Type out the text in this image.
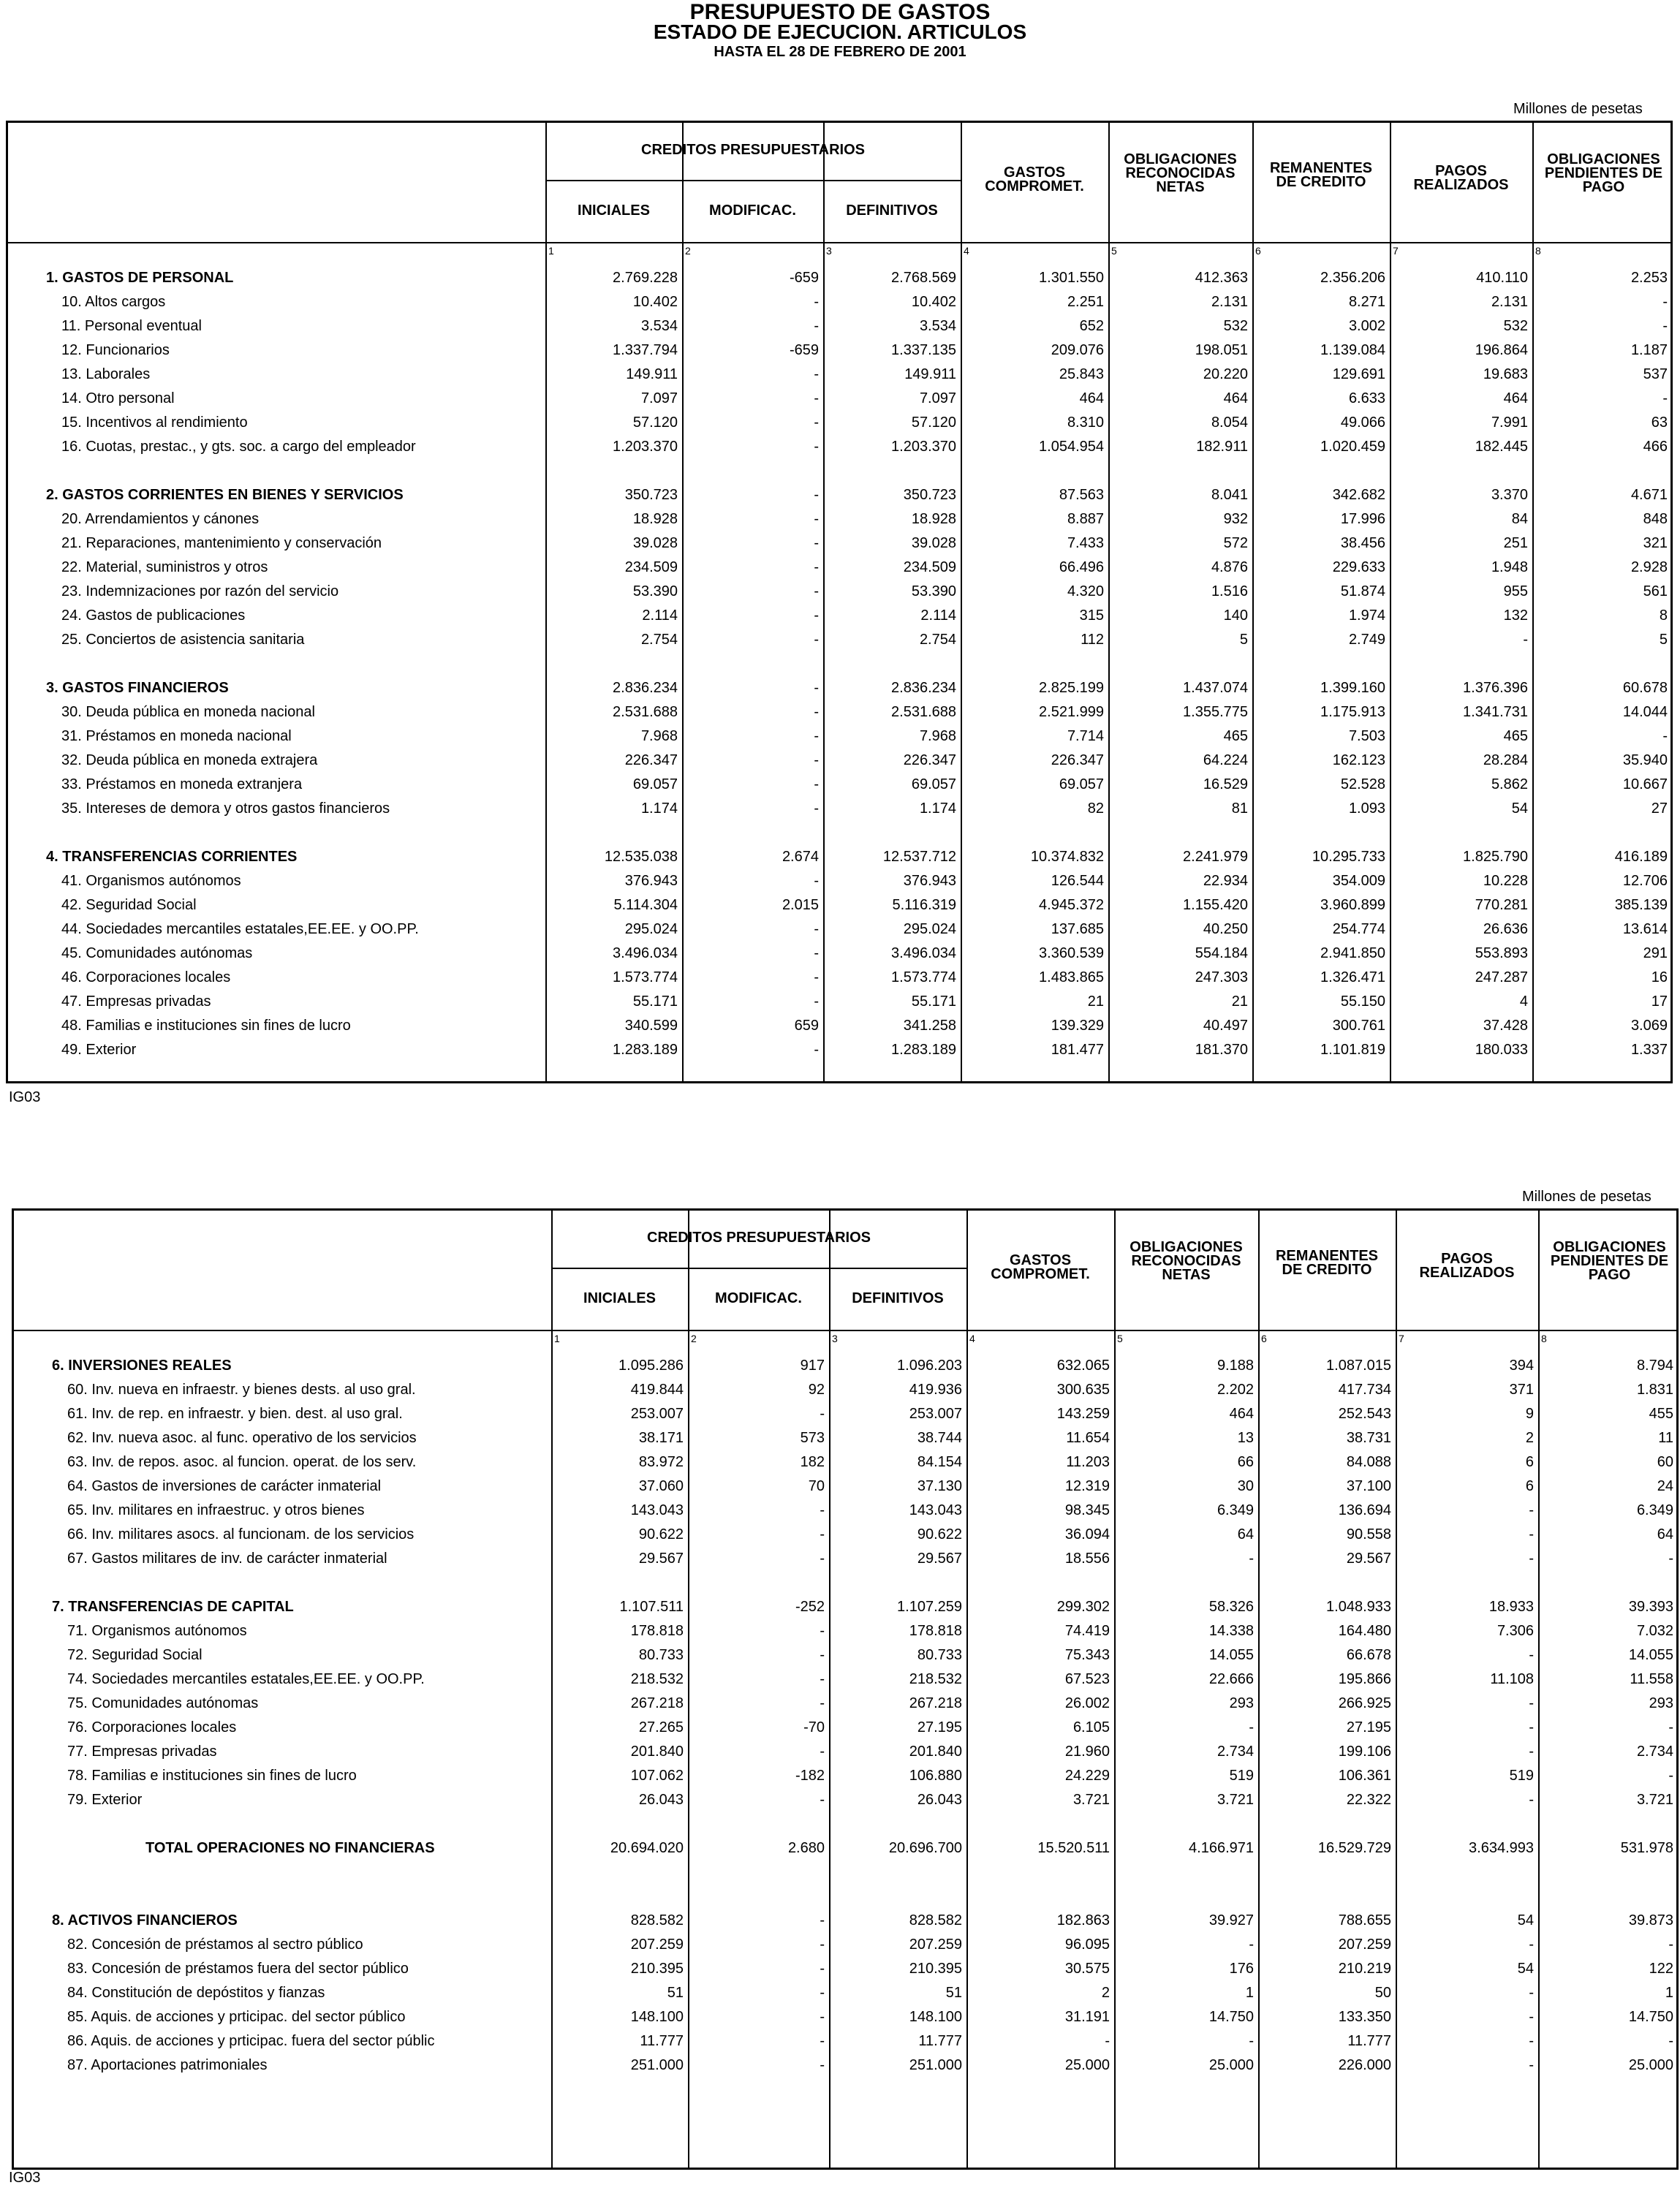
PRESUPUESTO DE GASTOS
ESTADO DE EJECUCION. ARTICULOS
HASTA EL 28 DE FEBRERO DE 2001
Millones de pesetas
CREDITOS PRESUPUESTARIOS
INICIALES	MODIFICAC.	DEFINITIVOS
GASTOS
COMPROMET.
OBLIGACIONES
RECONOCIDAS
NETAS
REMANENTES
DE CREDITO
PAGOS
REALIZADOS
OBLIGACIONES
PENDIENTES DE
PAGO
1	2	3	4	5	6	7	8
1. GASTOS DE PERSONAL	2.769.228	-659	2.768.569	1.301.550	412.363	2.356.206	410.110	2.253
10. Altos cargos	10.402	-	10.402	2.251	2.131	8.271	2.131	-
11. Personal eventual	3.534	-	3.534	652	532	3.002	532	-
12. Funcionarios	1.337.794	-659	1.337.135	209.076	198.051	1.139.084	196.864	1.187
13. Laborales	149.911	-	149.911	25.843	20.220	129.691	19.683	537
14. Otro personal	7.097	-	7.097	464	464	6.633	464	-
15. Incentivos al rendimiento	57.120	-	57.120	8.310	8.054	49.066	7.991	63
16. Cuotas, prestac., y gts. soc. a cargo del empleador	1.203.370	-	1.203.370	1.054.954	182.911	1.020.459	182.445	466
2. GASTOS CORRIENTES EN BIENES Y SERVICIOS	350.723	-	350.723	87.563	8.041	342.682	3.370	4.671
20. Arrendamientos y cánones	18.928	-	18.928	8.887	932	17.996	84	848
21. Reparaciones, mantenimiento y conservación	39.028	-	39.028	7.433	572	38.456	251	321
22. Material, suministros y otros	234.509	-	234.509	66.496	4.876	229.633	1.948	2.928
23. Indemnizaciones por razón del servicio	53.390	-	53.390	4.320	1.516	51.874	955	561
24. Gastos de publicaciones	2.114	-	2.114	315	140	1.974	132	8
25. Conciertos de asistencia sanitaria	2.754	-	2.754	112	5	2.749	-	5
3. GASTOS FINANCIEROS	2.836.234	-	2.836.234	2.825.199	1.437.074	1.399.160	1.376.396	60.678
30. Deuda pública en moneda nacional	2.531.688	-	2.531.688	2.521.999	1.355.775	1.175.913	1.341.731	14.044
31. Préstamos en moneda nacional	7.968	-	7.968	7.714	465	7.503	465	-
32. Deuda pública en moneda extrajera	226.347	-	226.347	226.347	64.224	162.123	28.284	35.940
33. Préstamos en moneda extranjera	69.057	-	69.057	69.057	16.529	52.528	5.862	10.667
35. Intereses de demora y otros gastos financieros	1.174	-	1.174	82	81	1.093	54	27
4. TRANSFERENCIAS CORRIENTES	12.535.038	2.674	12.537.712	10.374.832	2.241.979	10.295.733	1.825.790	416.189
41. Organismos autónomos	376.943	-	376.943	126.544	22.934	354.009	10.228	12.706
42. Seguridad Social	5.114.304	2.015	5.116.319	4.945.372	1.155.420	3.960.899	770.281	385.139
44. Sociedades mercantiles estatales,EE.EE. y OO.PP.	295.024	-	295.024	137.685	40.250	254.774	26.636	13.614
45. Comunidades autónomas	3.496.034	-	3.496.034	3.360.539	554.184	2.941.850	553.893	291
46. Corporaciones locales	1.573.774	-	1.573.774	1.483.865	247.303	1.326.471	247.287	16
47. Empresas privadas	55.171	-	55.171	21	21	55.150	4	17
48. Familias e instituciones sin fines de lucro	340.599	659	341.258	139.329	40.497	300.761	37.428	3.069
49. Exterior	1.283.189	-	1.283.189	181.477	181.370	1.101.819	180.033	1.337
IG03
Millones de pesetas
CREDITOS PRESUPUESTARIOS
INICIALES	MODIFICAC.	DEFINITIVOS
GASTOS
COMPROMET.
OBLIGACIONES
RECONOCIDAS
NETAS
REMANENTES
DE CREDITO
PAGOS
REALIZADOS
OBLIGACIONES
PENDIENTES DE
PAGO
1	2	3	4	5	6	7	8
6. INVERSIONES REALES	1.095.286	917	1.096.203	632.065	9.188	1.087.015	394	8.794
60. Inv. nueva en infraestr. y bienes dests. al uso gral.	419.844	92	419.936	300.635	2.202	417.734	371	1.831
61. Inv. de rep. en infraestr. y bien. dest. al uso gral.	253.007	-	253.007	143.259	464	252.543	9	455
62. Inv. nueva asoc. al func. operativo de los servicios	38.171	573	38.744	11.654	13	38.731	2	11
63. Inv. de repos. asoc. al funcion. operat. de los serv.	83.972	182	84.154	11.203	66	84.088	6	60
64. Gastos de inversiones de carácter inmaterial	37.060	70	37.130	12.319	30	37.100	6	24
65. Inv. militares en infraestruc. y otros bienes	143.043	-	143.043	98.345	6.349	136.694	-	6.349
66. Inv. militares asocs. al funcionam. de los servicios	90.622	-	90.622	36.094	64	90.558	-	64
67. Gastos militares de inv. de carácter inmaterial	29.567	-	29.567	18.556	-	29.567	-	-
7. TRANSFERENCIAS DE CAPITAL	1.107.511	-252	1.107.259	299.302	58.326	1.048.933	18.933	39.393
71. Organismos autónomos	178.818	-	178.818	74.419	14.338	164.480	7.306	7.032
72. Seguridad Social	80.733	-	80.733	75.343	14.055	66.678	-	14.055
74. Sociedades mercantiles estatales,EE.EE. y OO.PP.	218.532	-	218.532	67.523	22.666	195.866	11.108	11.558
75. Comunidades autónomas	267.218	-	267.218	26.002	293	266.925	-	293
76. Corporaciones locales	27.265	-70	27.195	6.105	-	27.195	-	-
77. Empresas privadas	201.840	-	201.840	21.960	2.734	199.106	-	2.734
78. Familias e instituciones sin fines de lucro	107.062	-182	106.880	24.229	519	106.361	519	-
79. Exterior	26.043	-	26.043	3.721	3.721	22.322	-	3.721
TOTAL OPERACIONES NO FINANCIERAS	20.694.020	2.680	20.696.700	15.520.511	4.166.971	16.529.729	3.634.993	531.978
8. ACTIVOS FINANCIEROS	828.582	-	828.582	182.863	39.927	788.655	54	39.873
82. Concesión de préstamos al sectro público	207.259	-	207.259	96.095	-	207.259	-	-
83. Concesión de préstamos fuera del sector público	210.395	-	210.395	30.575	176	210.219	54	122
84. Constitución de depóstitos y fianzas	51	-	51	2	1	50	-	1
85. Aquis. de acciones y prticipac. del sector público	148.100	-	148.100	31.191	14.750	133.350	-	14.750
86. Aquis. de acciones y prticipac. fuera del sector públic	11.777	-	11.777	-	-	11.777	-	-
87. Aportaciones patrimoniales	251.000	-	251.000	25.000	25.000	226.000	-	25.000
IG03
